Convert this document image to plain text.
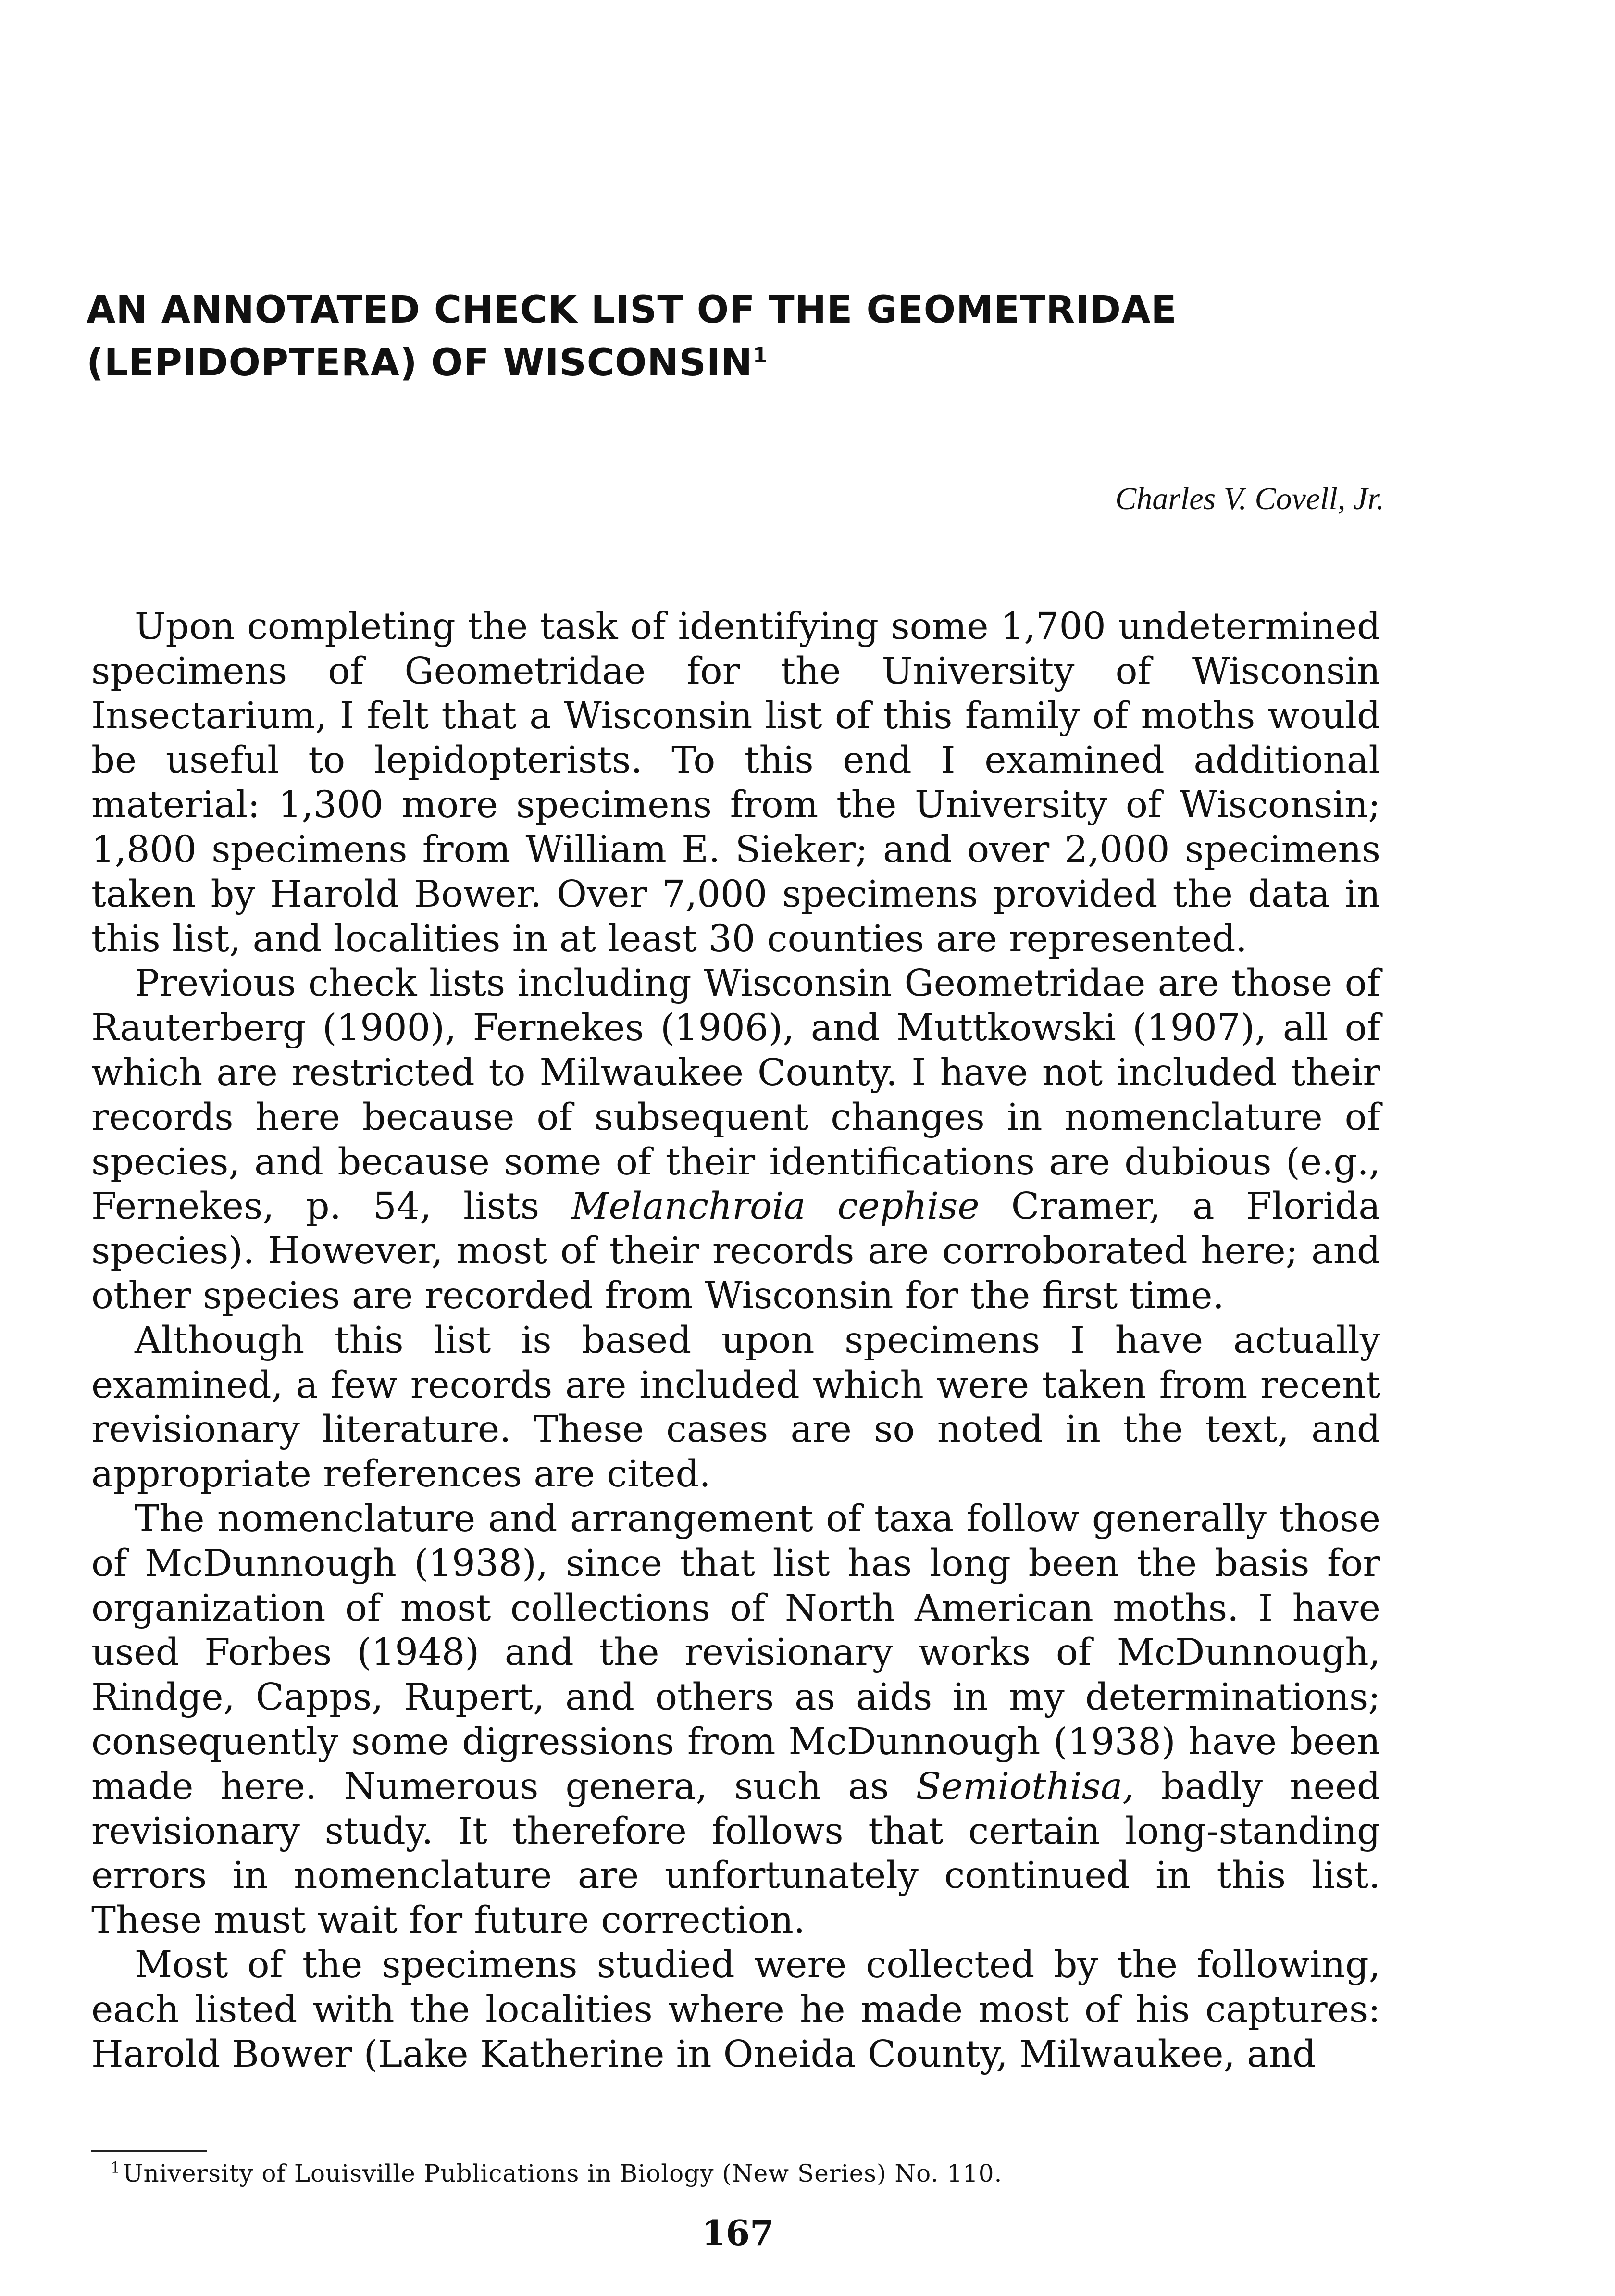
AN ANNOTATED CHECK LIST OF THE GEOMETRIDAE (LEPIDOPTERA) OF WISCONSIN$^1$

Charles V. Covell, Jr.

Upon completing the task of identifying some 1,700 undetermined specimens of Geometridae for the University of Wisconsin Insectarium, I felt that a Wisconsin list of this family of moths would be useful to lepidopterists. To this end I examined additional material: 1,300 more specimens from the University of Wisconsin; 1,800 specimens from William E. Sieker; and over 2,000 specimens taken by Harold Bower. Over 7,000 specimens provided the data in this list, and localities in at least 30 counties are represented.

Previous check lists including Wisconsin Geometridae are those of Rauterberg (1900), Fernekes (1906), and Muttkowski (1907), all of which are restricted to Milwaukee County. I have not included their records here because of subsequent changes in nomenclature of species, and because some of their identifications are dubious (e.g., Fernekes, p. 54, lists Melanchroia cephise Cramer, a Florida species). However, most of their records are corroborated here; and other species are recorded from Wisconsin for the first time.

Although this list is based upon specimens I have actually examined, a few records are included which were taken from recent revisionary literature. These cases are so noted in the text, and appropriate references are cited.

The nomenclature and arrangement of taxa follow generally those of McDunnough (1938), since that list has long been the basis for organization of most collections of North American moths. I have used Forbes (1948) and the revisionary works of McDunnough, Rindge, Capps, Rupert, and others as aids in my determinations; consequently some digressions from McDunnough (1938) have been made here. Numerous genera, such as Semiothisa, badly need revisionary study. It therefore follows that certain long-standing errors in nomenclature are unfortunately continued in this list. These must wait for future correction.

Most of the specimens studied were collected by the following, each listed with the localities where he made most of his captures: Harold Bower (Lake Katherine in Oneida County, Milwaukee, and

$^1$University of Louisville Publications in Biology (New Series) No. 110.
167
